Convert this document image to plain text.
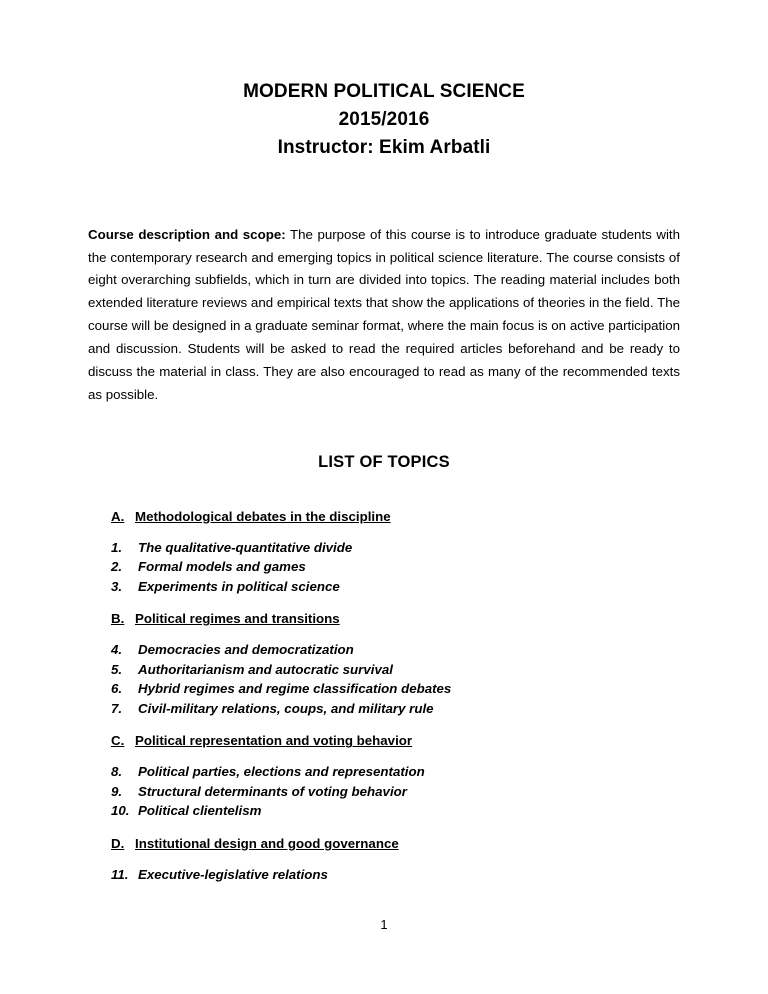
MODERN POLITICAL SCIENCE
2015/2016
Instructor: Ekim Arbatli

Course description and scope: The purpose of this course is to introduce graduate students with the contemporary research and emerging topics in political science literature. The course consists of eight overarching subfields, which in turn are divided into topics. The reading material includes both extended literature reviews and empirical texts that show the applications of theories in the field. The course will be designed in a graduate seminar format, where the main focus is on active participation and discussion. Students will be asked to read the required articles beforehand and be ready to discuss the material in class. They are also encouraged to read as many of the recommended texts as possible.

LIST OF TOPICS

A. Methodological debates in the discipline
1.	The qualitative-quantitative divide
2.	Formal models and games
3.	Experiments in political science
B. Political regimes and transitions
4.	Democracies and democratization
5.	Authoritarianism and autocratic survival
6.	Hybrid regimes and regime classification debates
7.	Civil-military relations, coups, and military rule
C. Political representation and voting behavior
8.	Political parties, elections and representation
9.	Structural determinants of voting behavior
10. Political clientelism
D. Institutional design and good governance
11. Executive-legislative relations
1
